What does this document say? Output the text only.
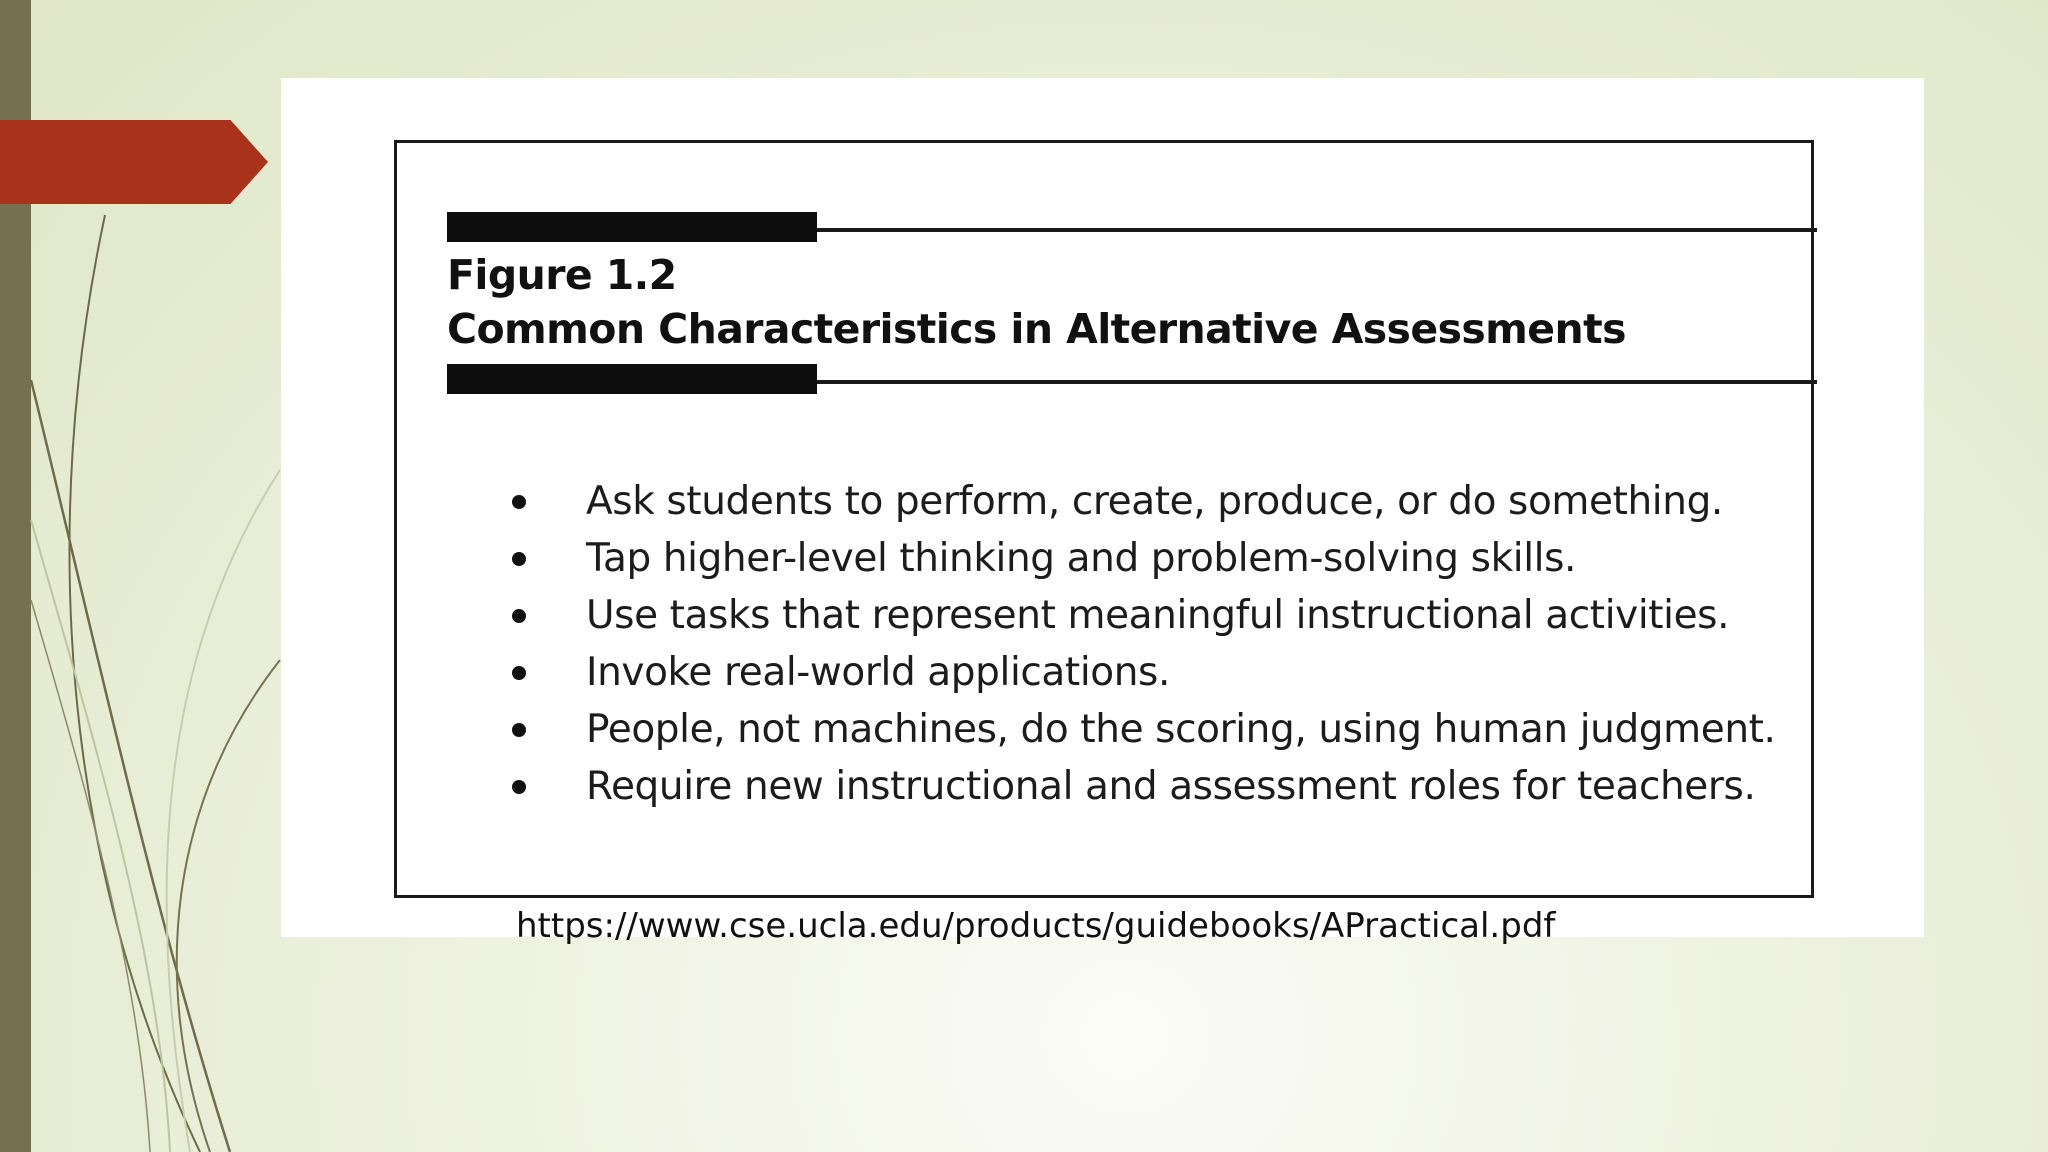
Figure 1.2
Common Characteristics in Alternative Assessments
Ask students to perform, create, produce, or do something.
Tap higher-level thinking and problem-solving skills.
Use tasks that represent meaningful instructional activities.
Invoke real-world applications.
People, not machines, do the scoring, using human judgment.
Require new instructional and assessment roles for teachers.

https://www.cse.ucla.edu/products/guidebooks/APractical.pdf
